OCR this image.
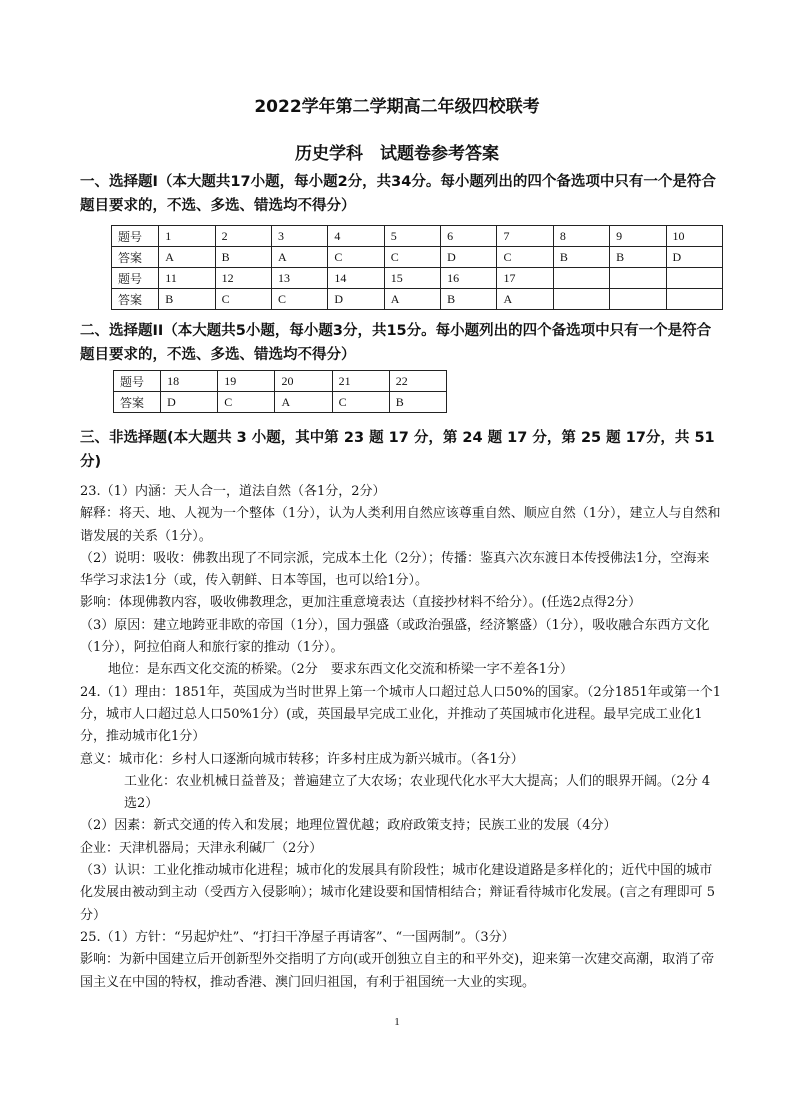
2022学年第二学期高二年级四校联考
历史学科　试题卷参考答案
一、选择题I（本大题共17小题，每小题2分，共34分。每小题列出的四个备选项中只有一个是符合题目要求的，不选、多选、错选均不得分）
题号	1	2	3	4	5	6	7	8	9	10
答案	A	B	A	C	C	D	C	B	B	D
题号	11	12	13	14	15	16	17			
答案	B	C	C	D	A	B	A			
二、选择题II（本大题共5小题，每小题3分，共15分。每小题列出的四个备选项中只有一个是符合题目要求的，不选、多选、错选均不得分）
题号	18	19	20	21	22
答案	D	C	A	C	B
三、非选择题(本大题共 3 小题，其中第 23 题 17 分，第 24 题 17 分，第 25 题 17分，共 51 分)

23.（1）内涵：天人合一，道法自然（各1分，2分）

解释：将天、地、人视为一个整体（1分），认为人类利用自然应该尊重自然、顺应自然（1分），建立人与自然和谐发展的关系（1分）。

（2）说明：吸收：佛教出现了不同宗派，完成本土化（2分）；传播：鉴真六次东渡日本传授佛法1分，空海来华学习求法1分（或，传入朝鲜、日本等国，也可以给1分）。

影响：体现佛教内容，吸收佛教理念，更加注重意境表达（直接抄材料不给分）。(任选2点得2分）

（3）原因：建立地跨亚非欧的帝国（1分），国力强盛（或政治强盛，经济繁盛）（1分），吸收融合东西方文化（1分），阿拉伯商人和旅行家的推动（1分）。

地位：是东西文化交流的桥梁。（2分　要求东西文化交流和桥梁一字不差各1分）

24.（1）理由：1851年，英国成为当时世界上第一个城市人口超过总人口50%的国家。（2分1851年或第一个1分，城市人口超过总人口50%1分）(或，英国最早完成工业化，并推动了英国城市化进程。最早完成工业化1分，推动城市化1分）

意义：城市化：乡村人口逐渐向城市转移；许多村庄成为新兴城市。（各1分）

工业化：农业机械日益普及；普遍建立了大农场；农业现代化水平大大提高；人们的眼界开阔。（2分 4选2）

（2）因素：新式交通的传入和发展；地理位置优越；政府政策支持；民族工业的发展（4分）

企业：天津机器局；天津永利碱厂（2分）

（3）认识：工业化推动城市化进程；城市化的发展具有阶段性；城市化建设道路是多样化的；近代中国的城市化发展由被动到主动（受西方入侵影响）；城市化建设要和国情相结合；辩证看待城市化发展。(言之有理即可 5分）

25.（1）方针：“另起炉灶”、“打扫干净屋子再请客”、“一国两制”。（3分）

影响：为新中国建立后开创新型外交指明了方向(或开创独立自主的和平外交)，迎来第一次建交高潮，取消了帝国主义在中国的特权，推动香港、澳门回归祖国，有利于祖国统一大业的实现。

1
